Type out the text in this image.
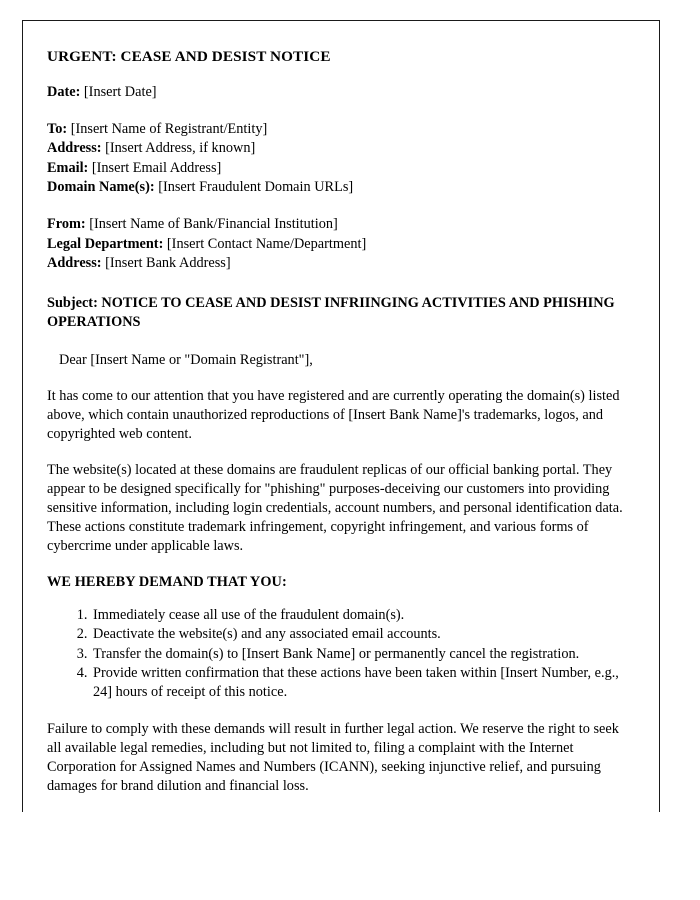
URGENT: CEASE AND DESIST NOTICE

Date: [Insert Date]

To: [Insert Name of Registrant/Entity]

Address: [Insert Address, if known]

Email: [Insert Email Address]

Domain Name(s): [Insert Fraudulent Domain URLs]

From: [Insert Name of Bank/Financial Institution]

Legal Department: [Insert Contact Name/Department]

Address: [Insert Bank Address]

Subject: NOTICE TO CEASE AND DESIST INFRIINGING ACTIVITIES AND PHISHING OPERATIONS

Dear [Insert Name or "Domain Registrant"],

It has come to our attention that you have registered and are currently operating the domain(s) listed above, which contain unauthorized reproductions of [Insert Bank Name]'s trademarks, logos, and copyrighted web content.

The website(s) located at these domains are fraudulent replicas of our official banking portal. They appear to be designed specifically for "phishing" purposes-deceiving our customers into providing sensitive information, including login credentials, account numbers, and personal identification data. These actions constitute trademark infringement, copyright infringement, and various forms of cybercrime under applicable laws.

WE HEREBY DEMAND THAT YOU:

1. Immediately cease all use of the fraudulent domain(s).
2. Deactivate the website(s) and any associated email accounts.
3. Transfer the domain(s) to [Insert Bank Name] or permanently cancel the registration.
4. Provide written confirmation that these actions have been taken within [Insert Number, e.g., 24] hours of receipt of this notice.

Failure to comply with these demands will result in further legal action. We reserve the right to seek all available legal remedies, including but not limited to, filing a complaint with the Internet Corporation for Assigned Names and Numbers (ICANN), seeking injunctive relief, and pursuing damages for brand dilution and financial loss.
